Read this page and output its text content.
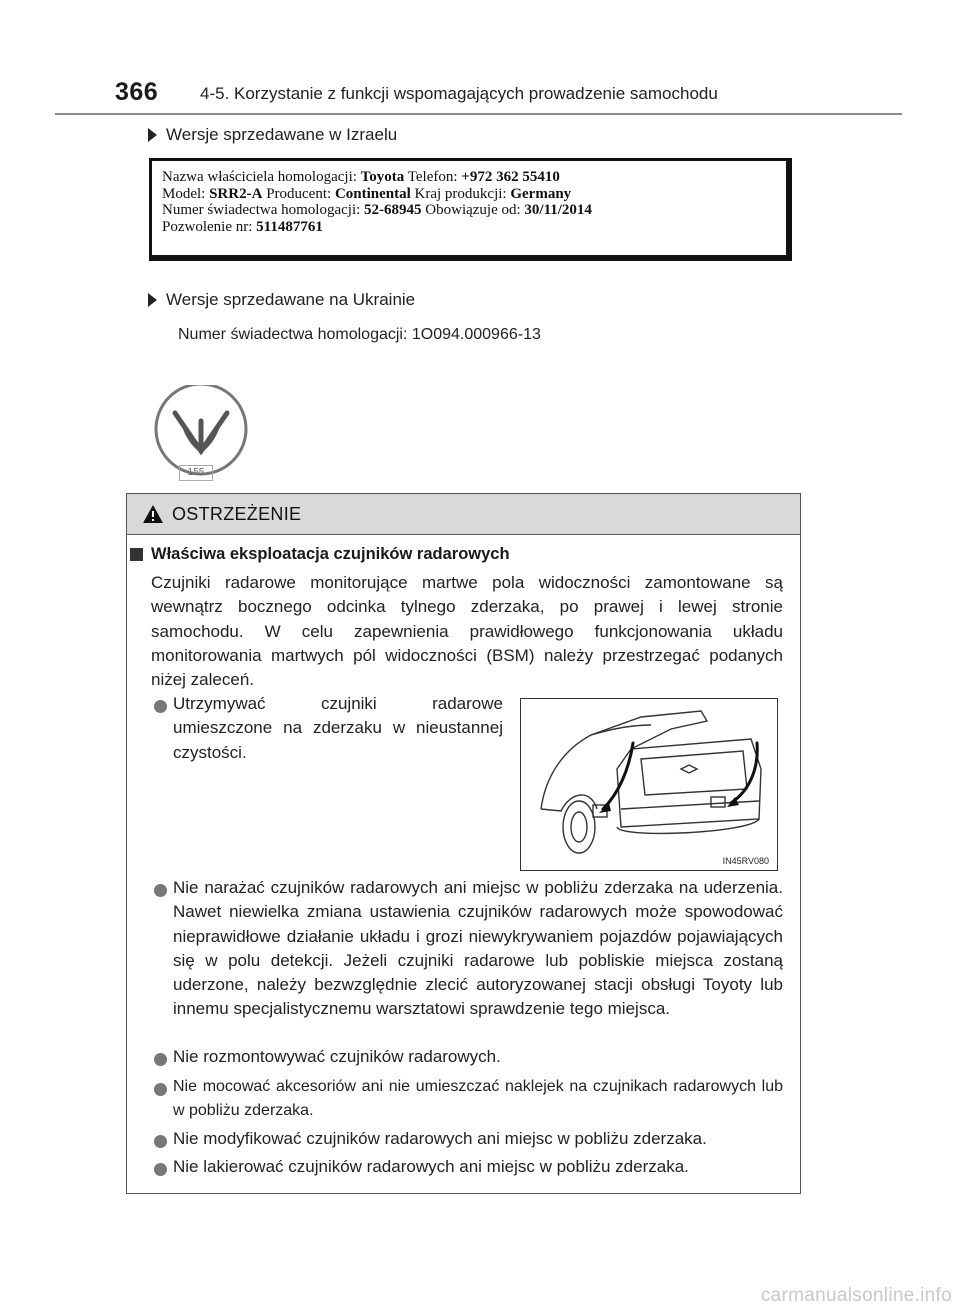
366 4-5. Korzystanie z funkcji wspomagających prowadzenie samochodu
Wersje sprzedawane w Izraelu
Nazwa właściciela homologacji: Toyota Telefon: +972 362 55410
Model: SRR2-A Producent: Continental Kraj produkcji: Germany
Numer świadectwa homologacji: 52-68945 Obowiązuje od: 30/11/2014
Pozwolenie nr: 511487761
Wersje sprzedawane na Ukrainie
Numer świadectwa homologacji: 1O094.000966-13
155
OSTRZEŻENIE
Właściwa eksploatacja czujników radarowych
Czujniki radarowe monitorujące martwe pola widoczności zamontowane są wewnątrz bocznego odcinka tylnego zderzaka, po prawej i lewej stronie samochodu. W celu zapewnienia prawidłowego funkcjonowania układu monitorowania martwych pól widoczności (BSM) należy przestrzegać podanych niżej zaleceń.
Utrzymywać czujniki radarowe umieszczone na zderzaku w nieustannej czystości.
IN45RV080
Nie narażać czujników radarowych ani miejsc w pobliżu zderzaka na uderzenia. Nawet niewielka zmiana ustawienia czujników radarowych może spowodować nieprawidłowe działanie układu i grozi niewykrywaniem pojazdów pojawiających się w polu detekcji. Jeżeli czujniki radarowe lub pobliskie miejsca zostaną uderzone, należy bezwzględnie zlecić autoryzowanej stacji obsługi Toyoty lub innemu specjalistycznemu warsztatowi sprawdzenie tego miejsca.
Nie rozmontowywać czujników radarowych.
Nie mocować akcesoriów ani nie umieszczać naklejek na czujnikach radarowych lub w pobliżu zderzaka.
Nie modyfikować czujników radarowych ani miejsc w pobliżu zderzaka.
Nie lakierować czujników radarowych ani miejsc w pobliżu zderzaka.
carmanualsonline.info
